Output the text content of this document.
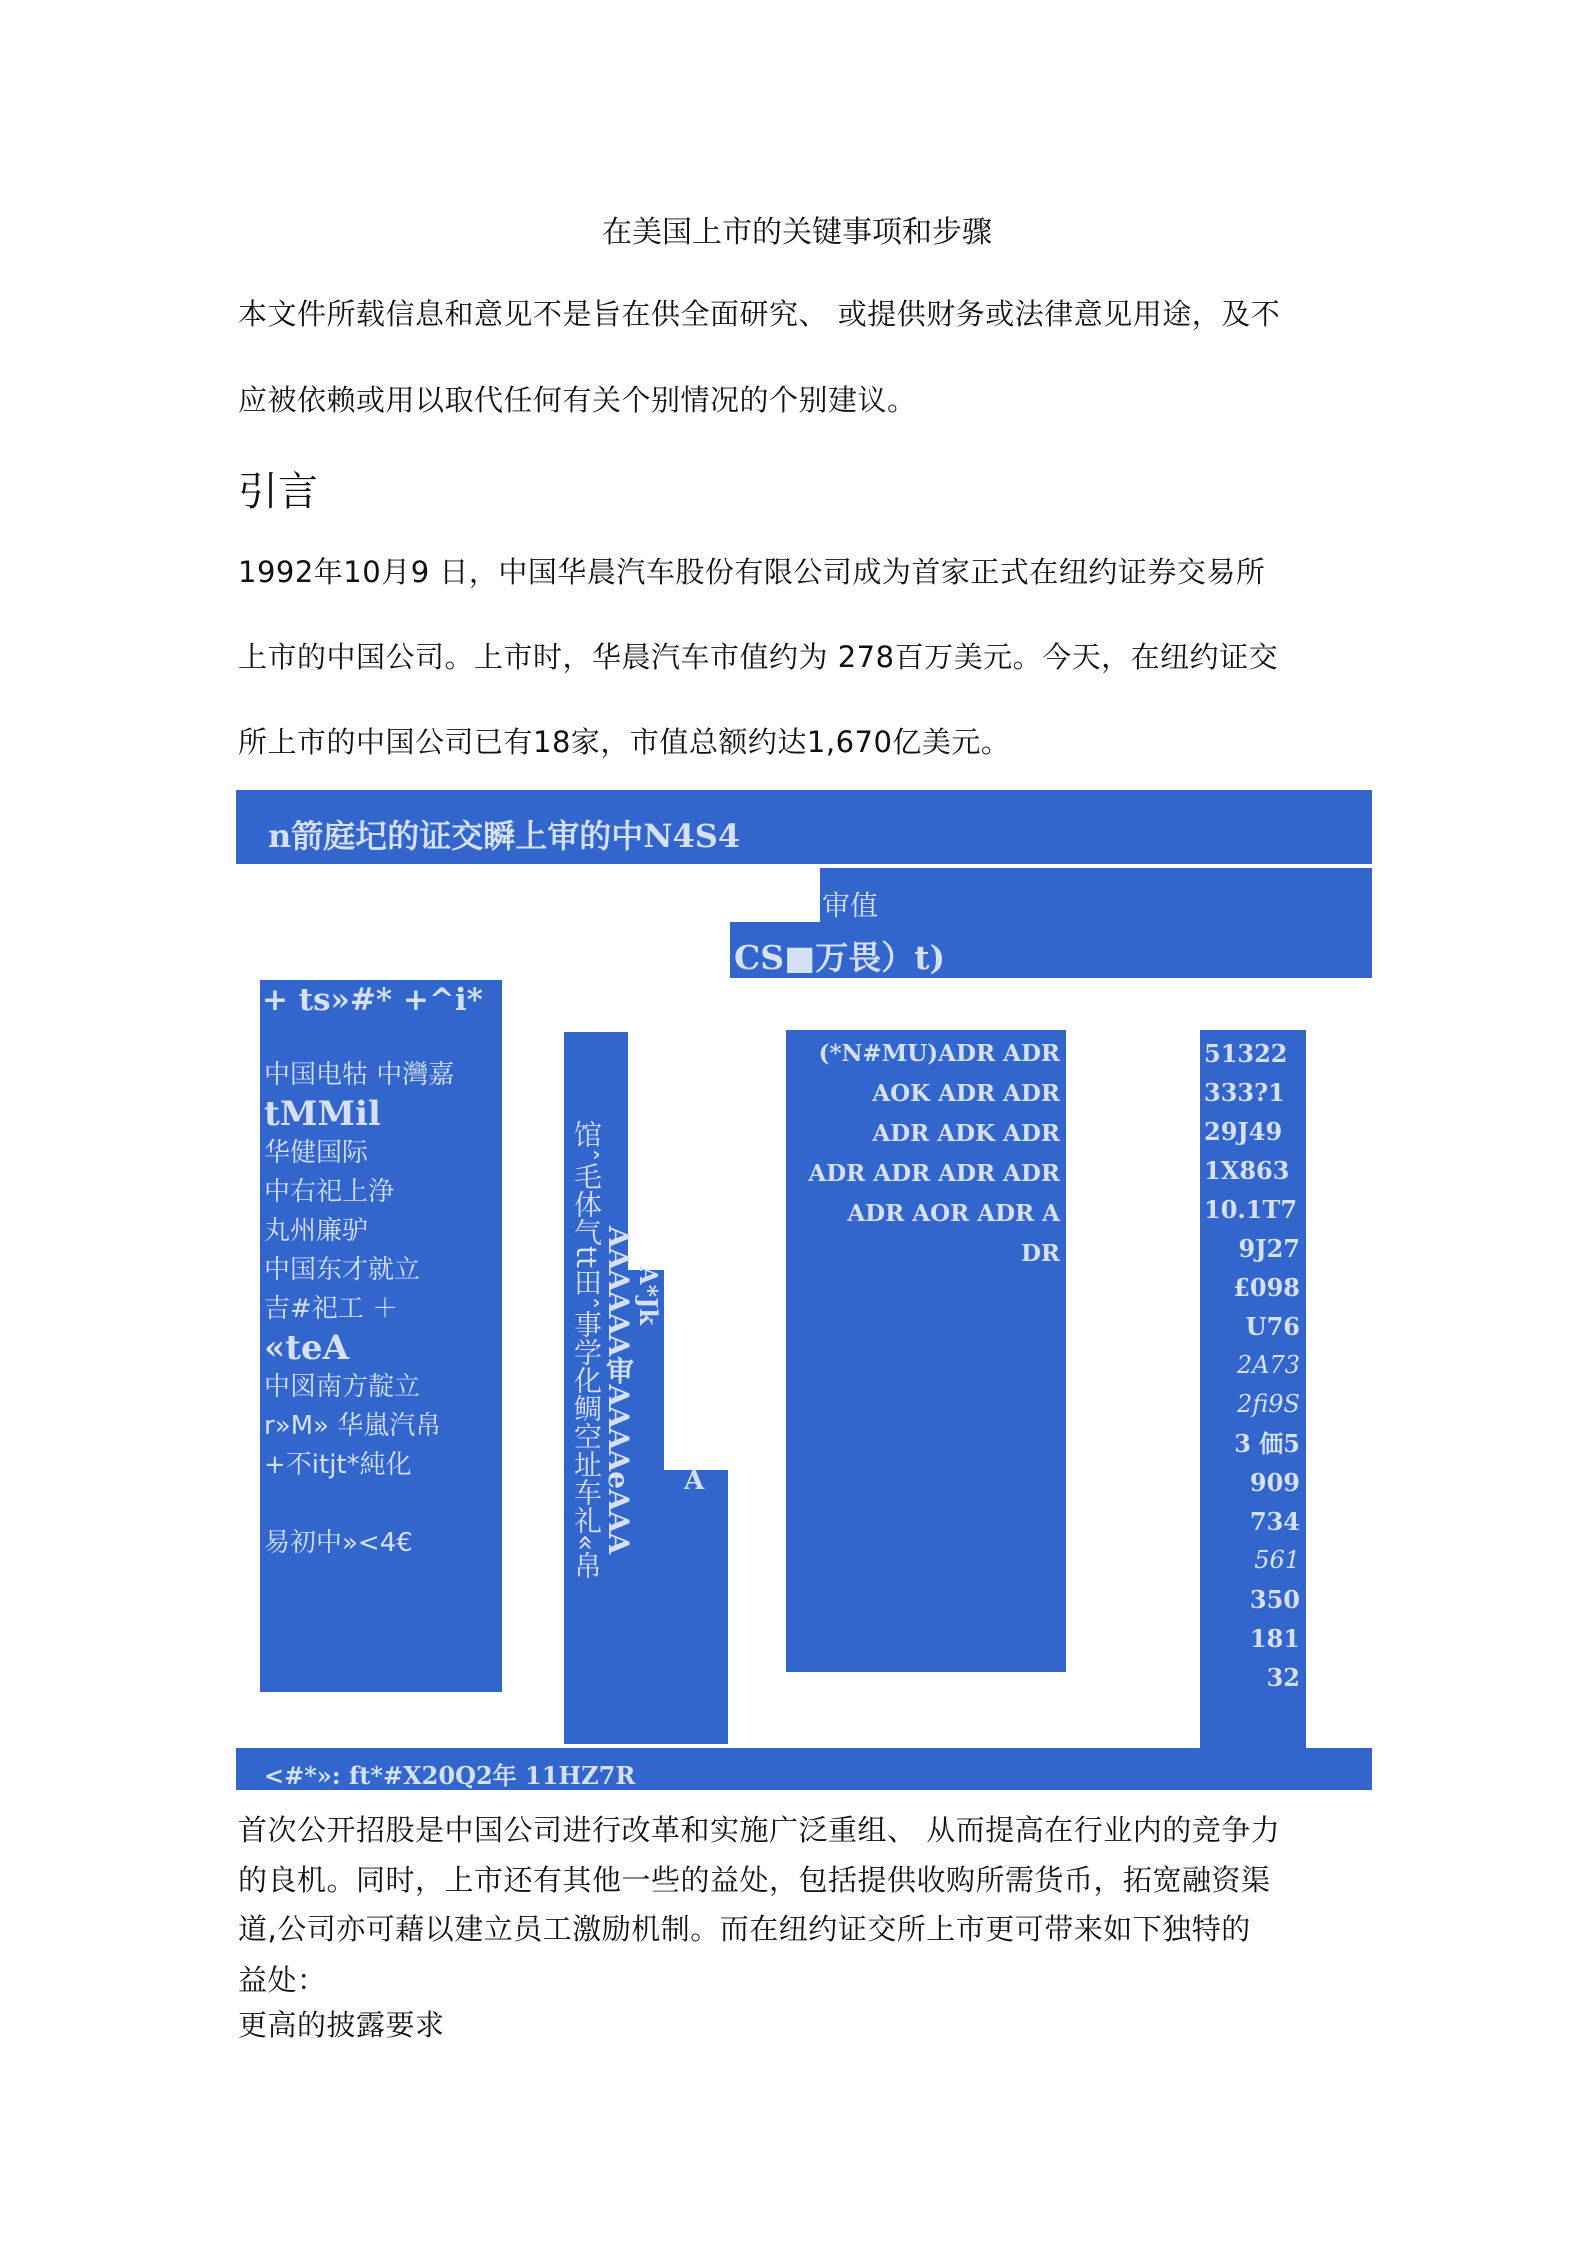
在美国上市的关键事项和步骤
本文件所载信息和意见不是旨在供全面研究、 或提供财务或法律意见用途，及不
应被依赖或用以取代任何有关个别情况的个别建议。
引言
1992年10月9 日，中国华晨汽车股份有限公司成为首家正式在纽约证券交易所
上市的中国公司。上市时，华晨汽车市值约为 278百万美元。今天，在纽约证交
所上市的中国公司已有18家，市值总额约达1,670亿美元。
n箭庭圮的证交瞬上审的中N4S4
审值
CS■万畏）t)
+ ts»#* +^i*
中国电牯 中灣嘉
tMMil
华健国际
中右祀上浄
丸州廉驴
中国东才就立
吉#祀工 ＋
«teA
中図南方靛立
r»M» 华嵐汽帛
+不itjt*純化
易初中»<4€	馆ˆ毛体气tt田ˆ事学化鲷空址车礼«帛 AAAAAA审AAAAeAAA A*Jk
A
(*N#MU)ADR ADR
AOK ADR ADR
ADR ADK ADR
ADR ADR ADR ADR
ADR AOR ADR A
DR
51322
333?1
29J49
1X863
10.1T7
9J27
£098
U76
2A73
2fi9S
3 価5
909
734
561
350
181
32
<#*»: ft*#X20Q2年 11HZ7R
首次公开招股是中国公司进行改革和实施广泛重组、 从而提高在行业内的竞争力
的良机。同时，上市还有其他一些的益处，包括提供收购所需货币，拓宽融资渠
道,公司亦可藉以建立员工激励机制。而在纽约证交所上市更可带来如下独特的
益处：
更高的披露要求
